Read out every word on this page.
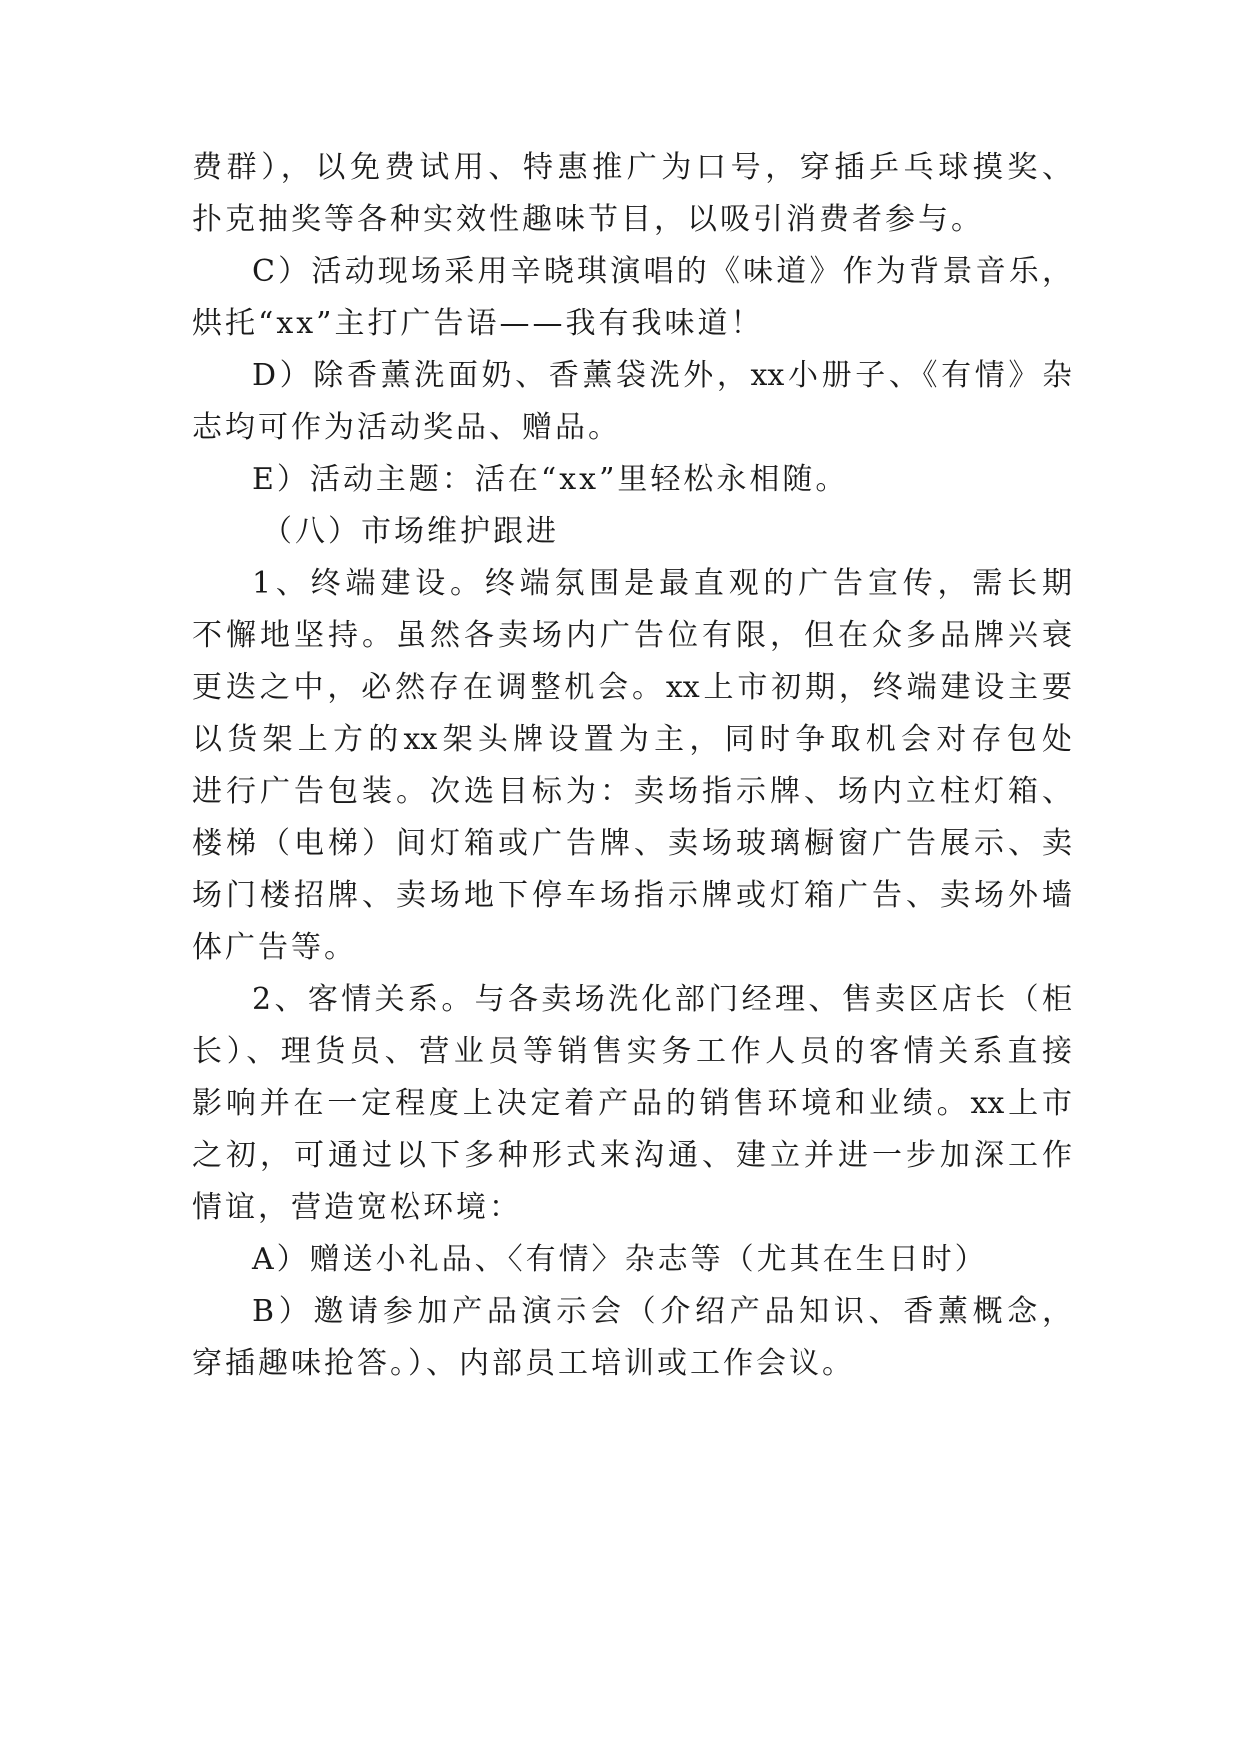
费群），以免费试用、特惠推广为口号，穿插乒乓球摸奖、
扑克抽奖等各种实效性趣味节目，以吸引消费者参与。
C）活动现场采用辛晓琪演唱的《味道》作为背景音乐，
烘托“xx”主打广告语——我有我味道！
D）除香薰洗面奶、香薰袋洗外，xx小册子、《有情》杂
志均可作为活动奖品、赠品。
E）活动主题：活在“xx”里轻松永相随。
（八）市场维护跟进
1、终端建设。终端氛围是最直观的广告宣传，需长期
不懈地坚持。虽然各卖场内广告位有限，但在众多品牌兴衰
更迭之中，必然存在调整机会。xx上市初期，终端建设主要
以货架上方的xx架头牌设置为主，同时争取机会对存包处
进行广告包装。次选目标为：卖场指示牌、场内立柱灯箱、
楼梯（电梯）间灯箱或广告牌、卖场玻璃橱窗广告展示、卖
场门楼招牌、卖场地下停车场指示牌或灯箱广告、卖场外墙
体广告等。
2、客情关系。与各卖场洗化部门经理、售卖区店长（柜
长）、理货员、营业员等销售实务工作人员的客情关系直接
影响并在一定程度上决定着产品的销售环境和业绩。xx上市
之初，可通过以下多种形式来沟通、建立并进一步加深工作
情谊，营造宽松环境：
A）赠送小礼品、〈有情〉杂志等（尤其在生日时）
B）邀请参加产品演示会（介绍产品知识、香薰概念，
穿插趣味抢答。）、内部员工培训或工作会议。
